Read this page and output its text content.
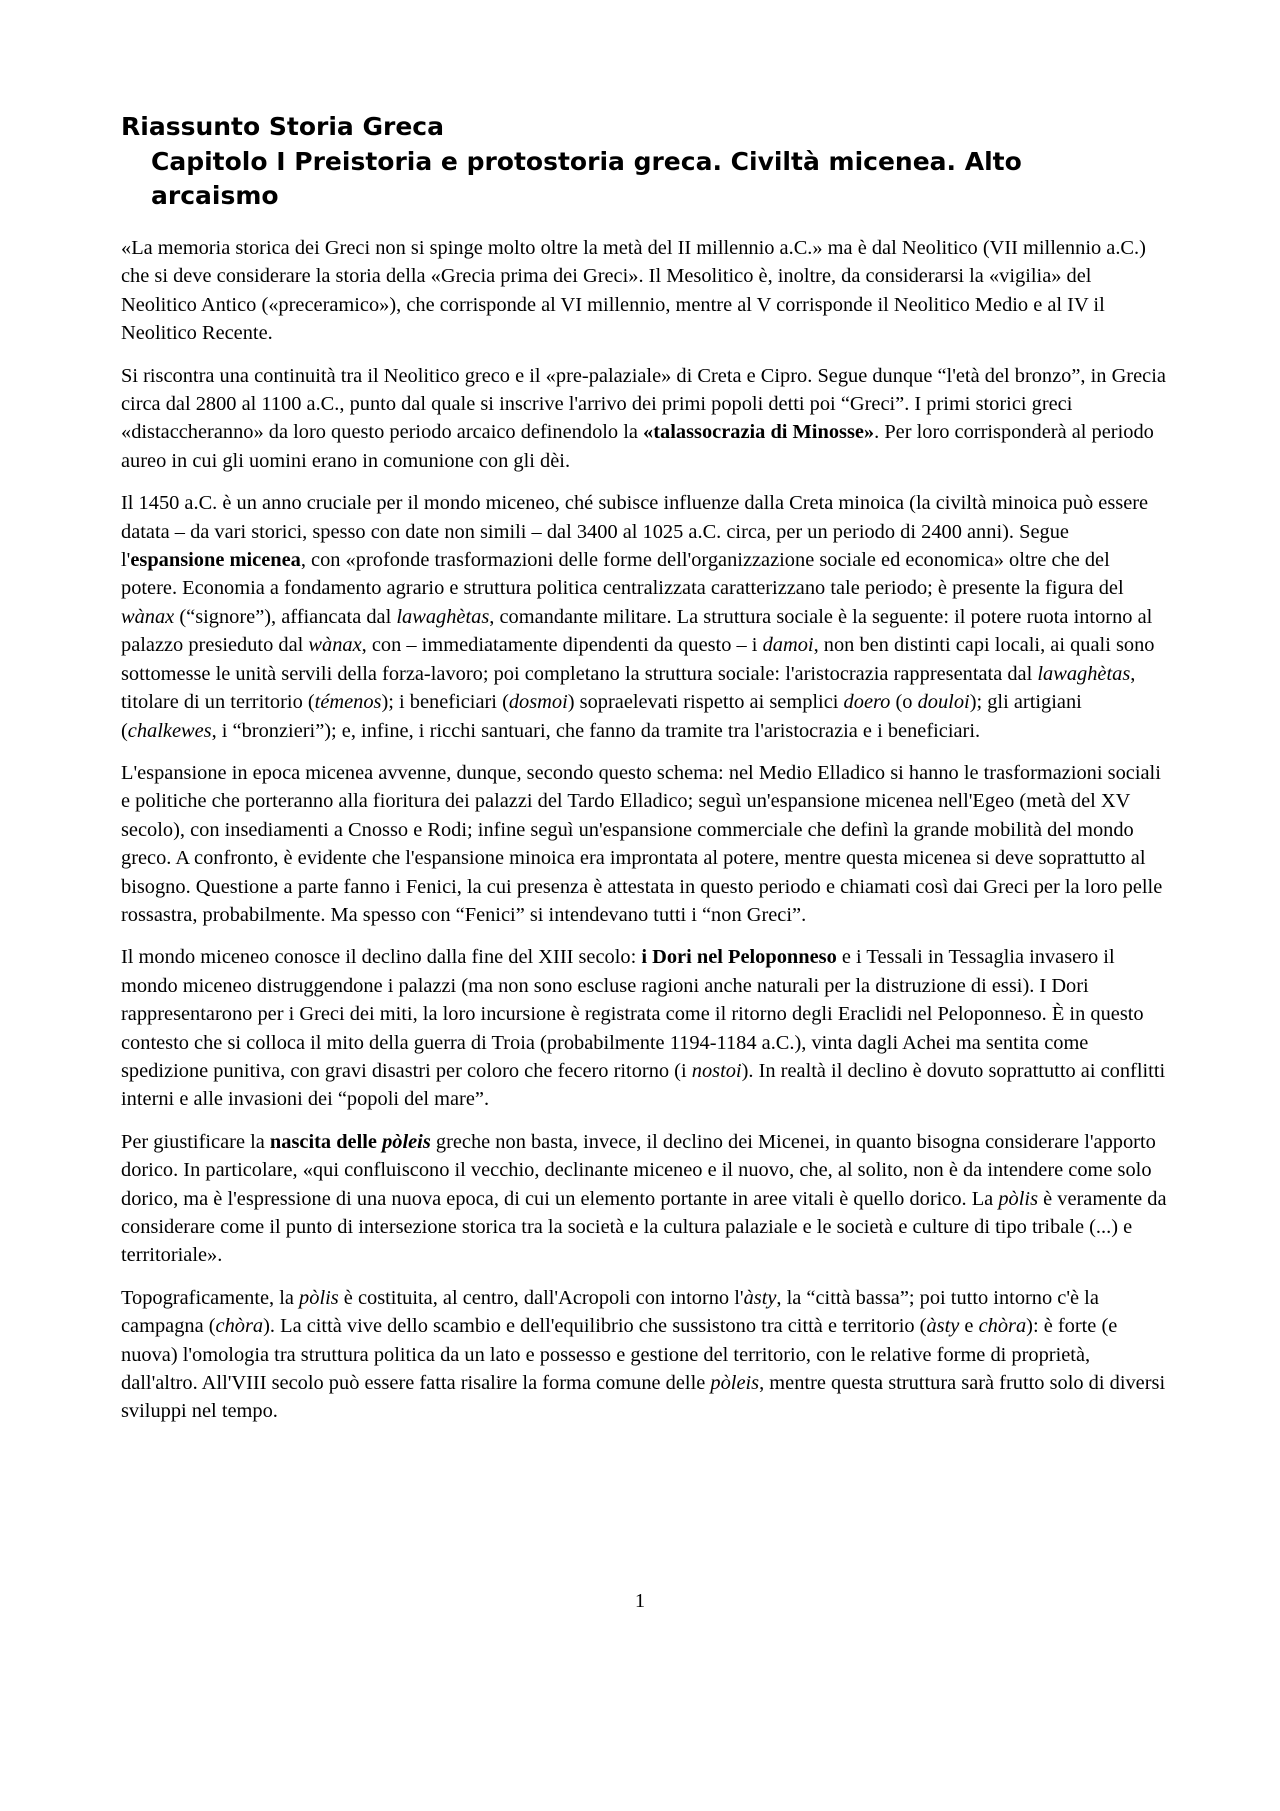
Riassunto Storia Greca
Capitolo I Preistoria e protostoria greca. Civiltà micenea. Alto arcaismo

«La memoria storica dei Greci non si spinge molto oltre la metà del II millennio a.C.» ma è dal Neolitico (VII millennio a.C.) che si deve considerare la storia della «Grecia prima dei Greci». Il Mesolitico è, inoltre, da considerarsi la «vigilia» del Neolitico Antico («preceramico»), che corrisponde al VI millennio, mentre al V corrisponde il Neolitico Medio e al IV il Neolitico Recente.

Si riscontra una continuità tra il Neolitico greco e il «pre-palaziale» di Creta e Cipro. Segue dunque “l'età del bronzo”, in Grecia circa dal 2800 al 1100 a.C., punto dal quale si inscrive l'arrivo dei primi popoli detti poi “Greci”. I primi storici greci «distaccheranno» da loro questo periodo arcaico definendolo la «talassocrazia di Minosse». Per loro corrisponderà al periodo aureo in cui gli uomini erano in comunione con gli dèi.

Il 1450 a.C. è un anno cruciale per il mondo miceneo, ché subisce influenze dalla Creta minoica (la civiltà minoica può essere datata – da vari storici, spesso con date non simili – dal 3400 al 1025 a.C. circa, per un periodo di 2400 anni). Segue l'espansione micenea, con «profonde trasformazioni delle forme dell'organizzazione sociale ed economica» oltre che del potere. Economia a fondamento agrario e struttura politica centralizzata caratterizzano tale periodo; è presente la figura del wànax (“signore”), affiancata dal lawaghètas, comandante militare. La struttura sociale è la seguente: il potere ruota intorno al palazzo presieduto dal wànax, con – immediatamente dipendenti da questo – i damoi, non ben distinti capi locali, ai quali sono sottomesse le unità servili della forza-lavoro; poi completano la struttura sociale: l'aristocrazia rappresentata dal lawaghètas, titolare di un territorio (témenos); i beneficiari (dosmoi) sopraelevati rispetto ai semplici doero (o douloi); gli artigiani (chalkewes, i “bronzieri”); e, infine, i ricchi santuari, che fanno da tramite tra l'aristocrazia e i beneficiari.

L'espansione in epoca micenea avvenne, dunque, secondo questo schema: nel Medio Elladico si hanno le trasformazioni sociali e politiche che porteranno alla fioritura dei palazzi del Tardo Elladico; seguì un'espansione micenea nell'Egeo (metà del XV secolo), con insediamenti a Cnosso e Rodi; infine seguì un'espansione commerciale che definì la grande mobilità del mondo greco. A confronto, è evidente che l'espansione minoica era improntata al potere, mentre questa micenea si deve soprattutto al bisogno. Questione a parte fanno i Fenici, la cui presenza è attestata in questo periodo e chiamati così dai Greci per la loro pelle rossastra, probabilmente. Ma spesso con “Fenici” si intendevano tutti i “non Greci”.

Il mondo miceneo conosce il declino dalla fine del XIII secolo: i Dori nel Peloponneso e i Tessali in Tessaglia invasero il mondo miceneo distruggendone i palazzi (ma non sono escluse ragioni anche naturali per la distruzione di essi). I Dori rappresentarono per i Greci dei miti, la loro incursione è registrata come il ritorno degli Eraclidi nel Peloponneso. È in questo contesto che si colloca il mito della guerra di Troia (probabilmente 1194-1184 a.C.), vinta dagli Achei ma sentita come spedizione punitiva, con gravi disastri per coloro che fecero ritorno (i nostoi). In realtà il declino è dovuto soprattutto ai conflitti interni e alle invasioni dei “popoli del mare”.

Per giustificare la nascita delle pòleis greche non basta, invece, il declino dei Micenei, in quanto bisogna considerare l'apporto dorico. In particolare, «qui confluiscono il vecchio, declinante miceneo e il nuovo, che, al solito, non è da intendere come solo dorico, ma è l'espressione di una nuova epoca, di cui un elemento portante in aree vitali è quello dorico. La pòlis è veramente da considerare come il punto di intersezione storica tra la società e la cultura palaziale e le società e culture di tipo tribale (...) e territoriale».

Topograficamente, la pòlis è costituita, al centro, dall'Acropoli con intorno l'àsty, la “città bassa”; poi tutto intorno c'è la campagna (chòra). La città vive dello scambio e dell'equilibrio che sussistono tra città e territorio (àsty e chòra): è forte (e nuova) l'omologia tra struttura politica da un lato e possesso e gestione del territorio, con le relative forme di proprietà, dall'altro. All'VIII secolo può essere fatta risalire la forma comune delle pòleis, mentre questa struttura sarà frutto solo di diversi sviluppi nel tempo.

1
